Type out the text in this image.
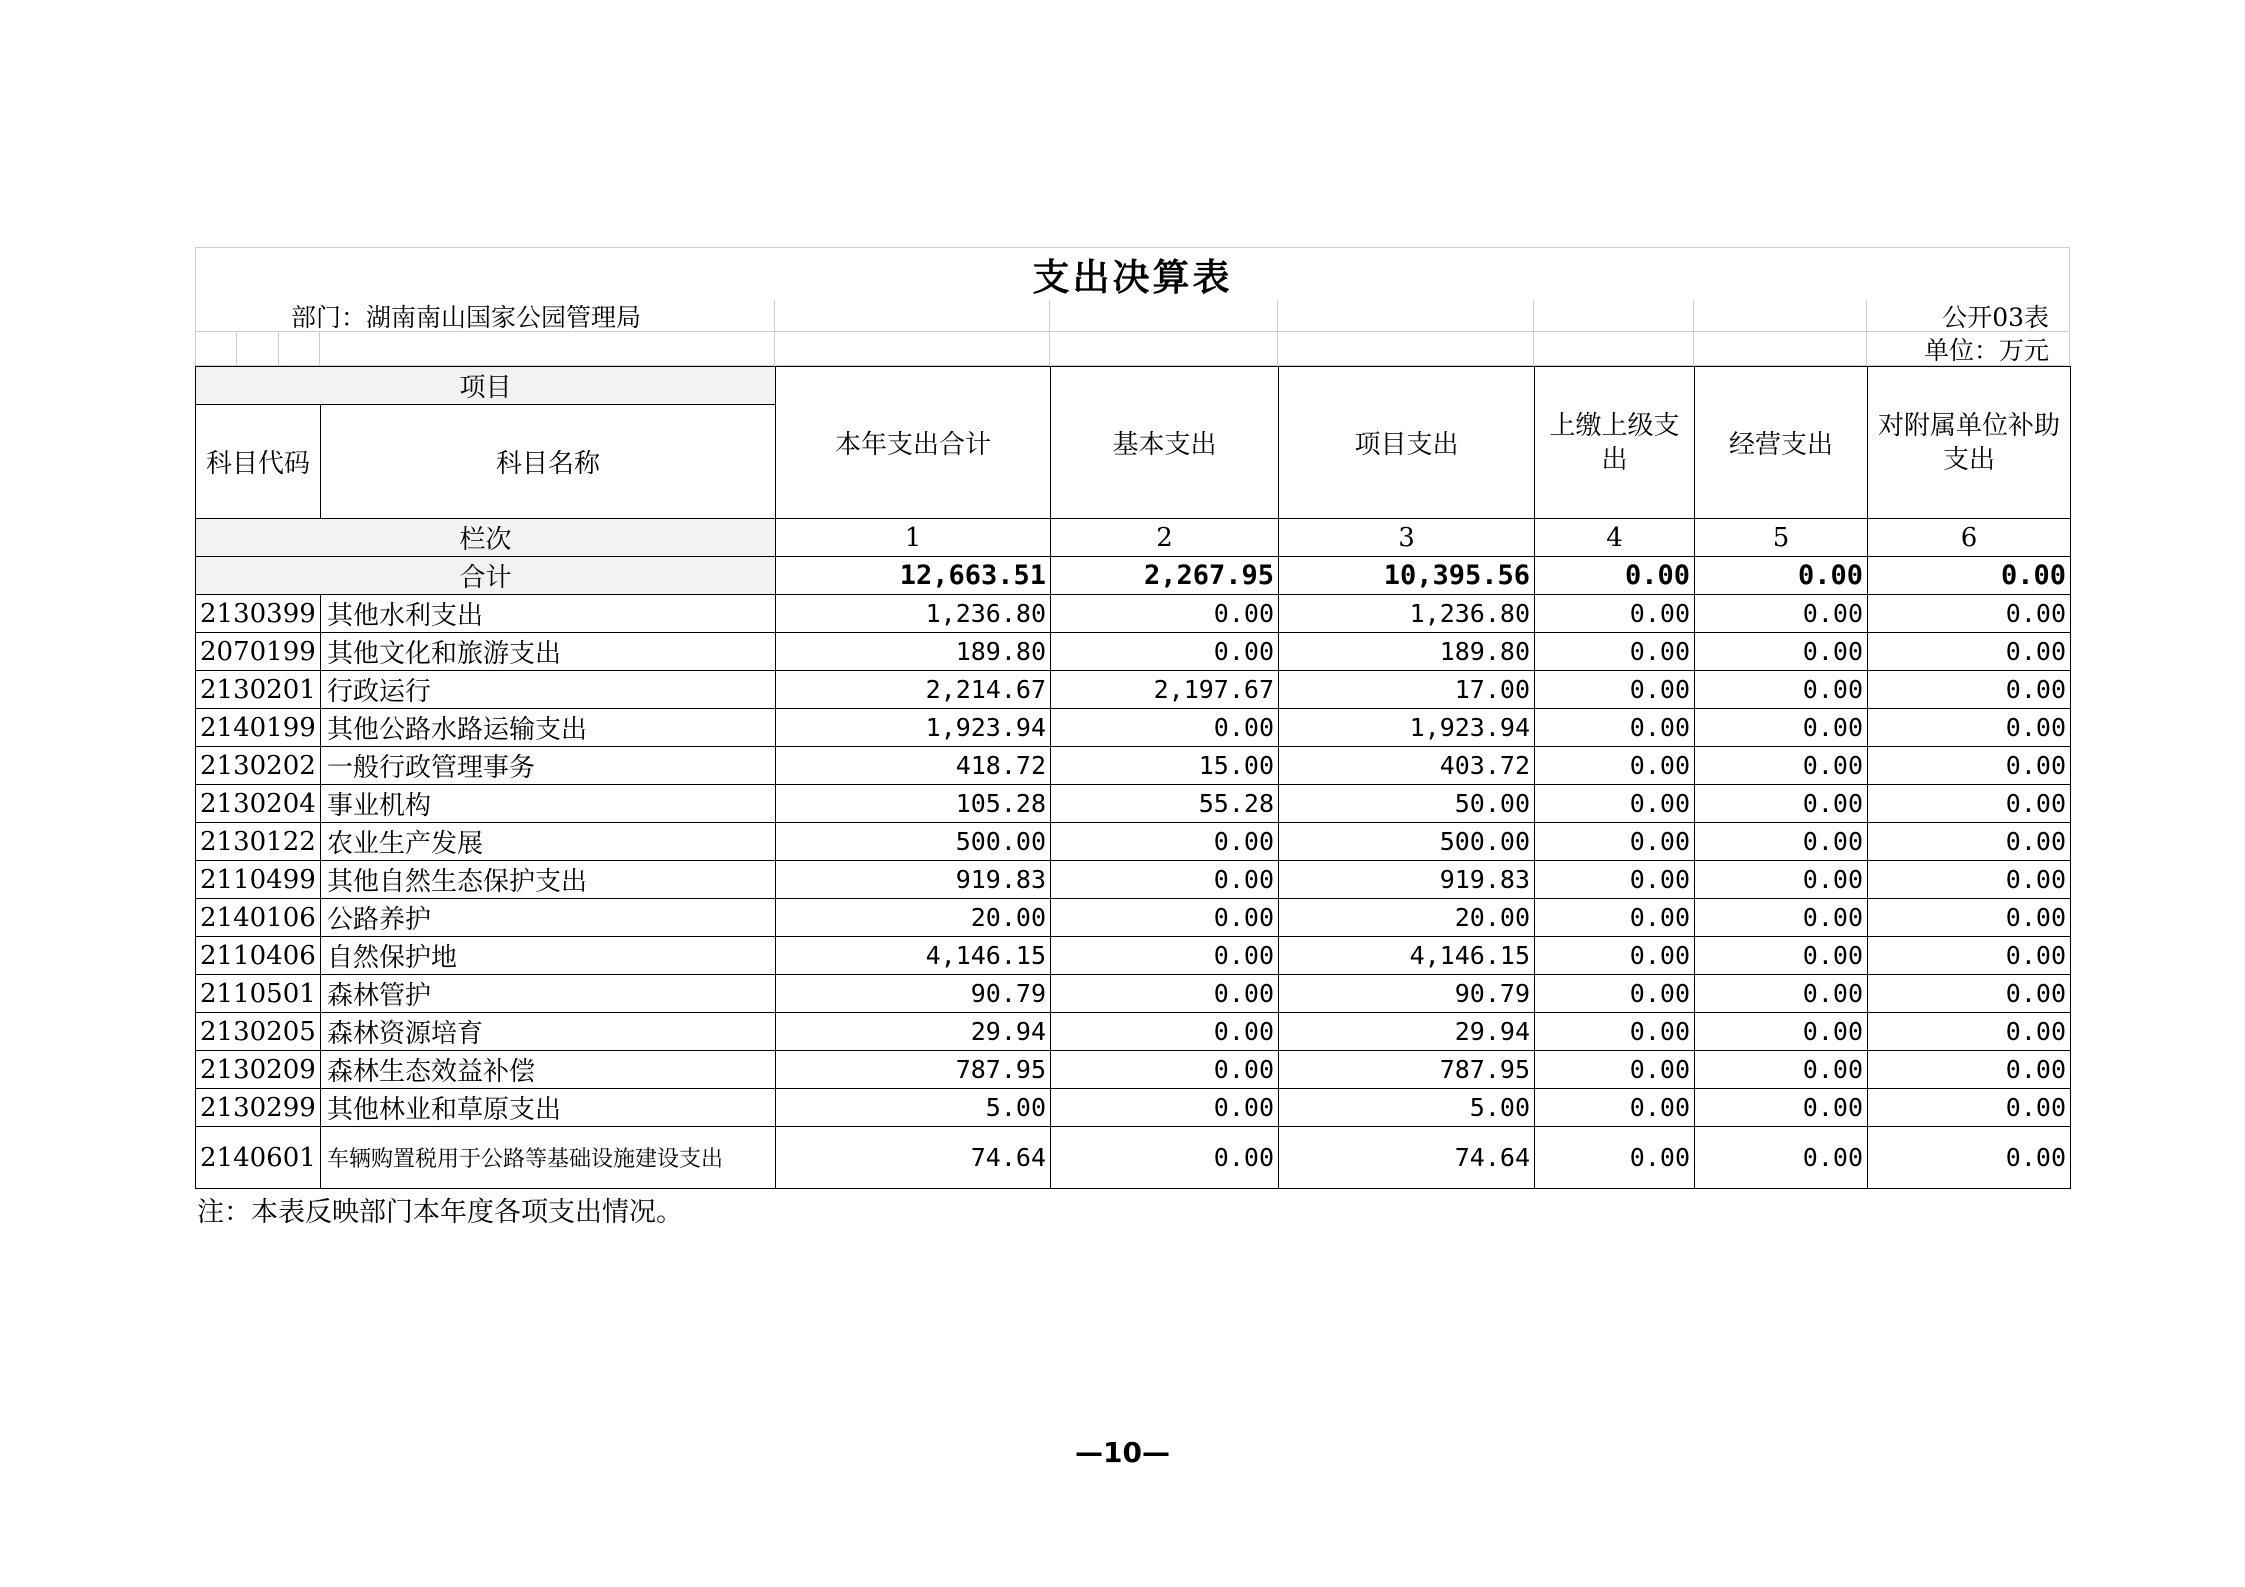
支出决算表
部门：湖南南山国家公园管理局	公开03表
单位：万元
项目		本年支出合计	基本支出	项目支出	上缴上级支出	经营支出	对附属单位补助支出
科目代码	科目名称						
栏次		1	2	3	4	5	6
合计		12,663.51	2,267.95	10,395.56	0.00	0.00	0.00
2130399	其他水利支出	1,236.80	0.00	1,236.80	0.00	0.00	0.00
2070199	其他文化和旅游支出	189.80	0.00	189.80	0.00	0.00	0.00
2130201	行政运行	2,214.67	2,197.67	17.00	0.00	0.00	0.00
2140199	其他公路水路运输支出	1,923.94	0.00	1,923.94	0.00	0.00	0.00
2130202	一般行政管理事务	418.72	15.00	403.72	0.00	0.00	0.00
2130204	事业机构	105.28	55.28	50.00	0.00	0.00	0.00
2130122	农业生产发展	500.00	0.00	500.00	0.00	0.00	0.00
2110499	其他自然生态保护支出	919.83	0.00	919.83	0.00	0.00	0.00
2140106	公路养护	20.00	0.00	20.00	0.00	0.00	0.00
2110406	自然保护地	4,146.15	0.00	4,146.15	0.00	0.00	0.00
2110501	森林管护	90.79	0.00	90.79	0.00	0.00	0.00
2130205	森林资源培育	29.94	0.00	29.94	0.00	0.00	0.00
2130209	森林生态效益补偿	787.95	0.00	787.95	0.00	0.00	0.00
2130299	其他林业和草原支出	5.00	0.00	5.00	0.00	0.00	0.00
2140601	车辆购置税用于公路等基础设施建设支出	74.64	0.00	74.64	0.00	0.00	0.00
注：本表反映部门本年度各项支出情况。
—10—
